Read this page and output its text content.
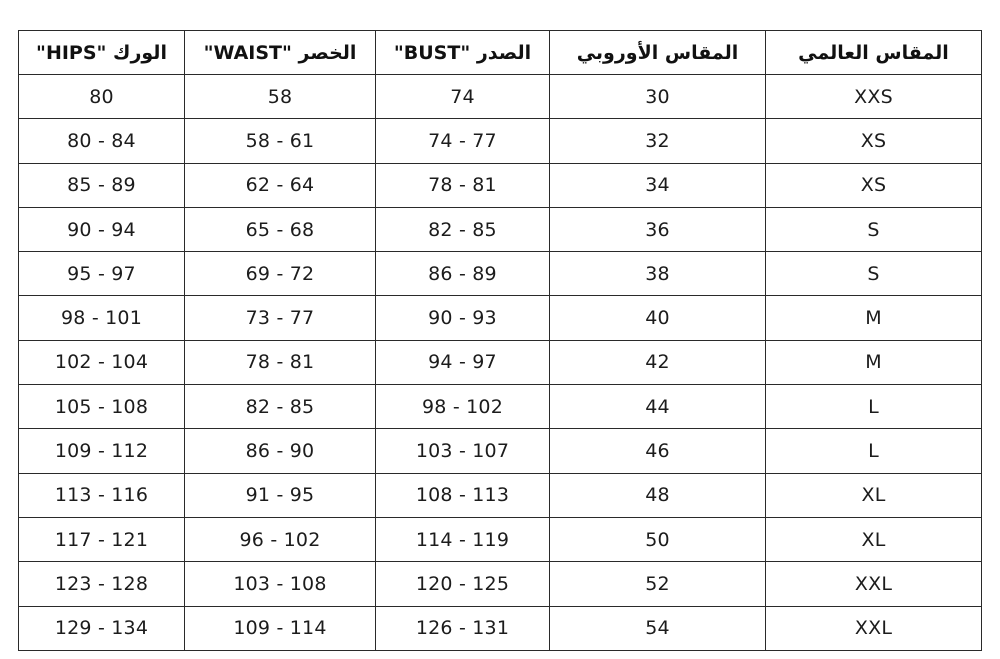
الورك "HIPS"	الخصر "WAIST"	الصدر "BUST"	المقاس الأوروبي	المقاس العالمي
80	58	74	30	XXS
80 - 84	58 - 61	74 - 77	32	XS
85 - 89	62 - 64	78 - 81	34	XS
90 - 94	65 - 68	82 - 85	36	S
95 - 97	69 - 72	86 - 89	38	S
98 - 101	73 - 77	90 - 93	40	M
102 - 104	78 - 81	94 - 97	42	M
105 - 108	82 - 85	98 - 102	44	L
109 - 112	86 - 90	103 - 107	46	L
113 - 116	91 - 95	108 - 113	48	XL
117 - 121	96 - 102	114 - 119	50	XL
123 - 128	103 - 108	120 - 125	52	XXL
129 - 134	109 - 114	126 - 131	54	XXL
